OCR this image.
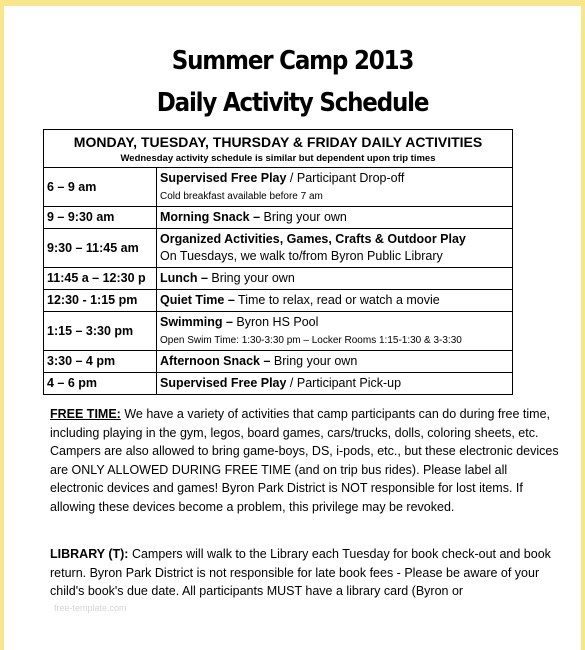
Summer Camp 2013
Daily Activity Schedule
MONDAY, TUESDAY, THURSDAY & FRIDAY DAILY ACTIVITIES
Wednesday activity schedule is similar but dependent upon trip times	

6 – 9 am	Supervised Free Play / Participant Drop-off
Cold breakfast available before 7 am
9 – 9:30 am	Morning Snack – Bring your own
9:30 – 11:45 am	Organized Activities, Games, Crafts & Outdoor Play
On Tuesdays, we walk to/from Byron Public Library
11:45 a – 12:30 p	Lunch – Bring your own
12:30 - 1:15 pm	Quiet Time – Time to relax, read or watch a movie
1:15 – 3:30 pm	Swimming – Byron HS Pool
Open Swim Time: 1:30-3:30 pm – Locker Rooms 1:15-1:30 & 3-3:30
3:30 – 4 pm	Afternoon Snack – Bring your own
4 – 6 pm	Supervised Free Play / Participant Pick-up

FREE TIME: We have a variety of activities that camp participants can do during free time, including playing in the gym, legos, board games, cars/trucks, dolls, coloring sheets, etc. Campers are also allowed to bring game-boys, DS, i-pods, etc., but these electronic devices are ONLY ALLOWED DURING FREE TIME (and on trip bus rides). Please label all electronic devices and games! Byron Park District is NOT responsible for lost items. If allowing these devices become a problem, this privilege may be revoked.

LIBRARY (T): Campers will walk to the Library each Tuesday for book check-out and book return. Byron Park District is not responsible for late book fees - Please be aware of your child's book's due date. All participants MUST have a library card (Byron or

free-template.com
